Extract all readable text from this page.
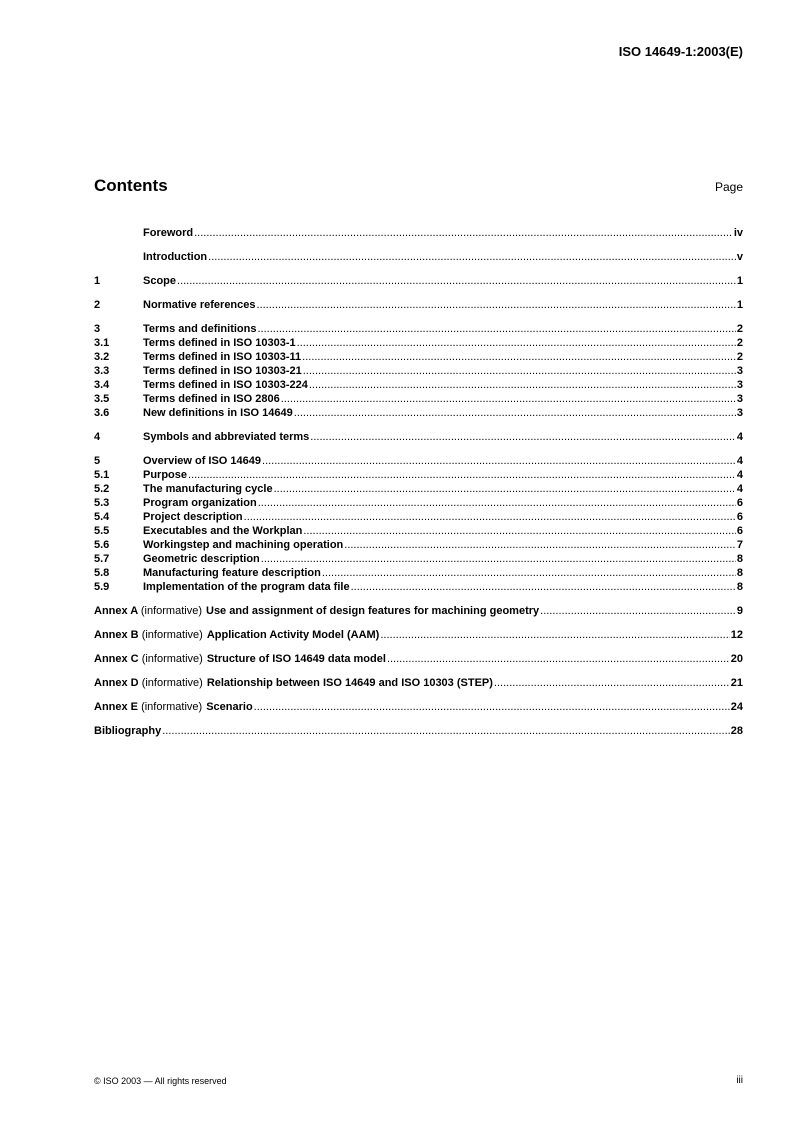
ISO 14649-1:2003(E)
Contents	Page
Foreword .....	iv
Introduction .....	v
1	Scope .....	1
2	Normative references .....	1
3	Terms and definitions .....	2
3.1	Terms defined in ISO 10303-1 .....	2
3.2	Terms defined in ISO 10303-11 .....	2
3.3	Terms defined in ISO 10303-21 .....	3
3.4	Terms defined in ISO 10303-224 .....	3
3.5	Terms defined in ISO 2806 .....	3
3.6	New definitions in ISO 14649 .....	3
4	Symbols and abbreviated terms .....	4
5	Overview of ISO 14649 .....	4
5.1	Purpose .....	4
5.2	The manufacturing cycle .....	4
5.3	Program organization .....	6
5.4	Project description .....	6
5.5	Executables and the Workplan .....	6
5.6	Workingstep and machining operation .....	7
5.7	Geometric description .....	8
5.8	Manufacturing feature description .....	8
5.9	Implementation of the program data file .....	8
Annex A (informative) Use and assignment of design features for machining geometry .....	9
Annex B (informative) Application Activity Model (AAM) .....	12
Annex C (informative) Structure of ISO 14649 data model .....	20
Annex D (informative) Relationship between ISO 14649 and ISO 10303 (STEP) .....	21
Annex E (informative) Scenario .....	24
Bibliography .....	28
© ISO 2003 — All rights reserved	iii
